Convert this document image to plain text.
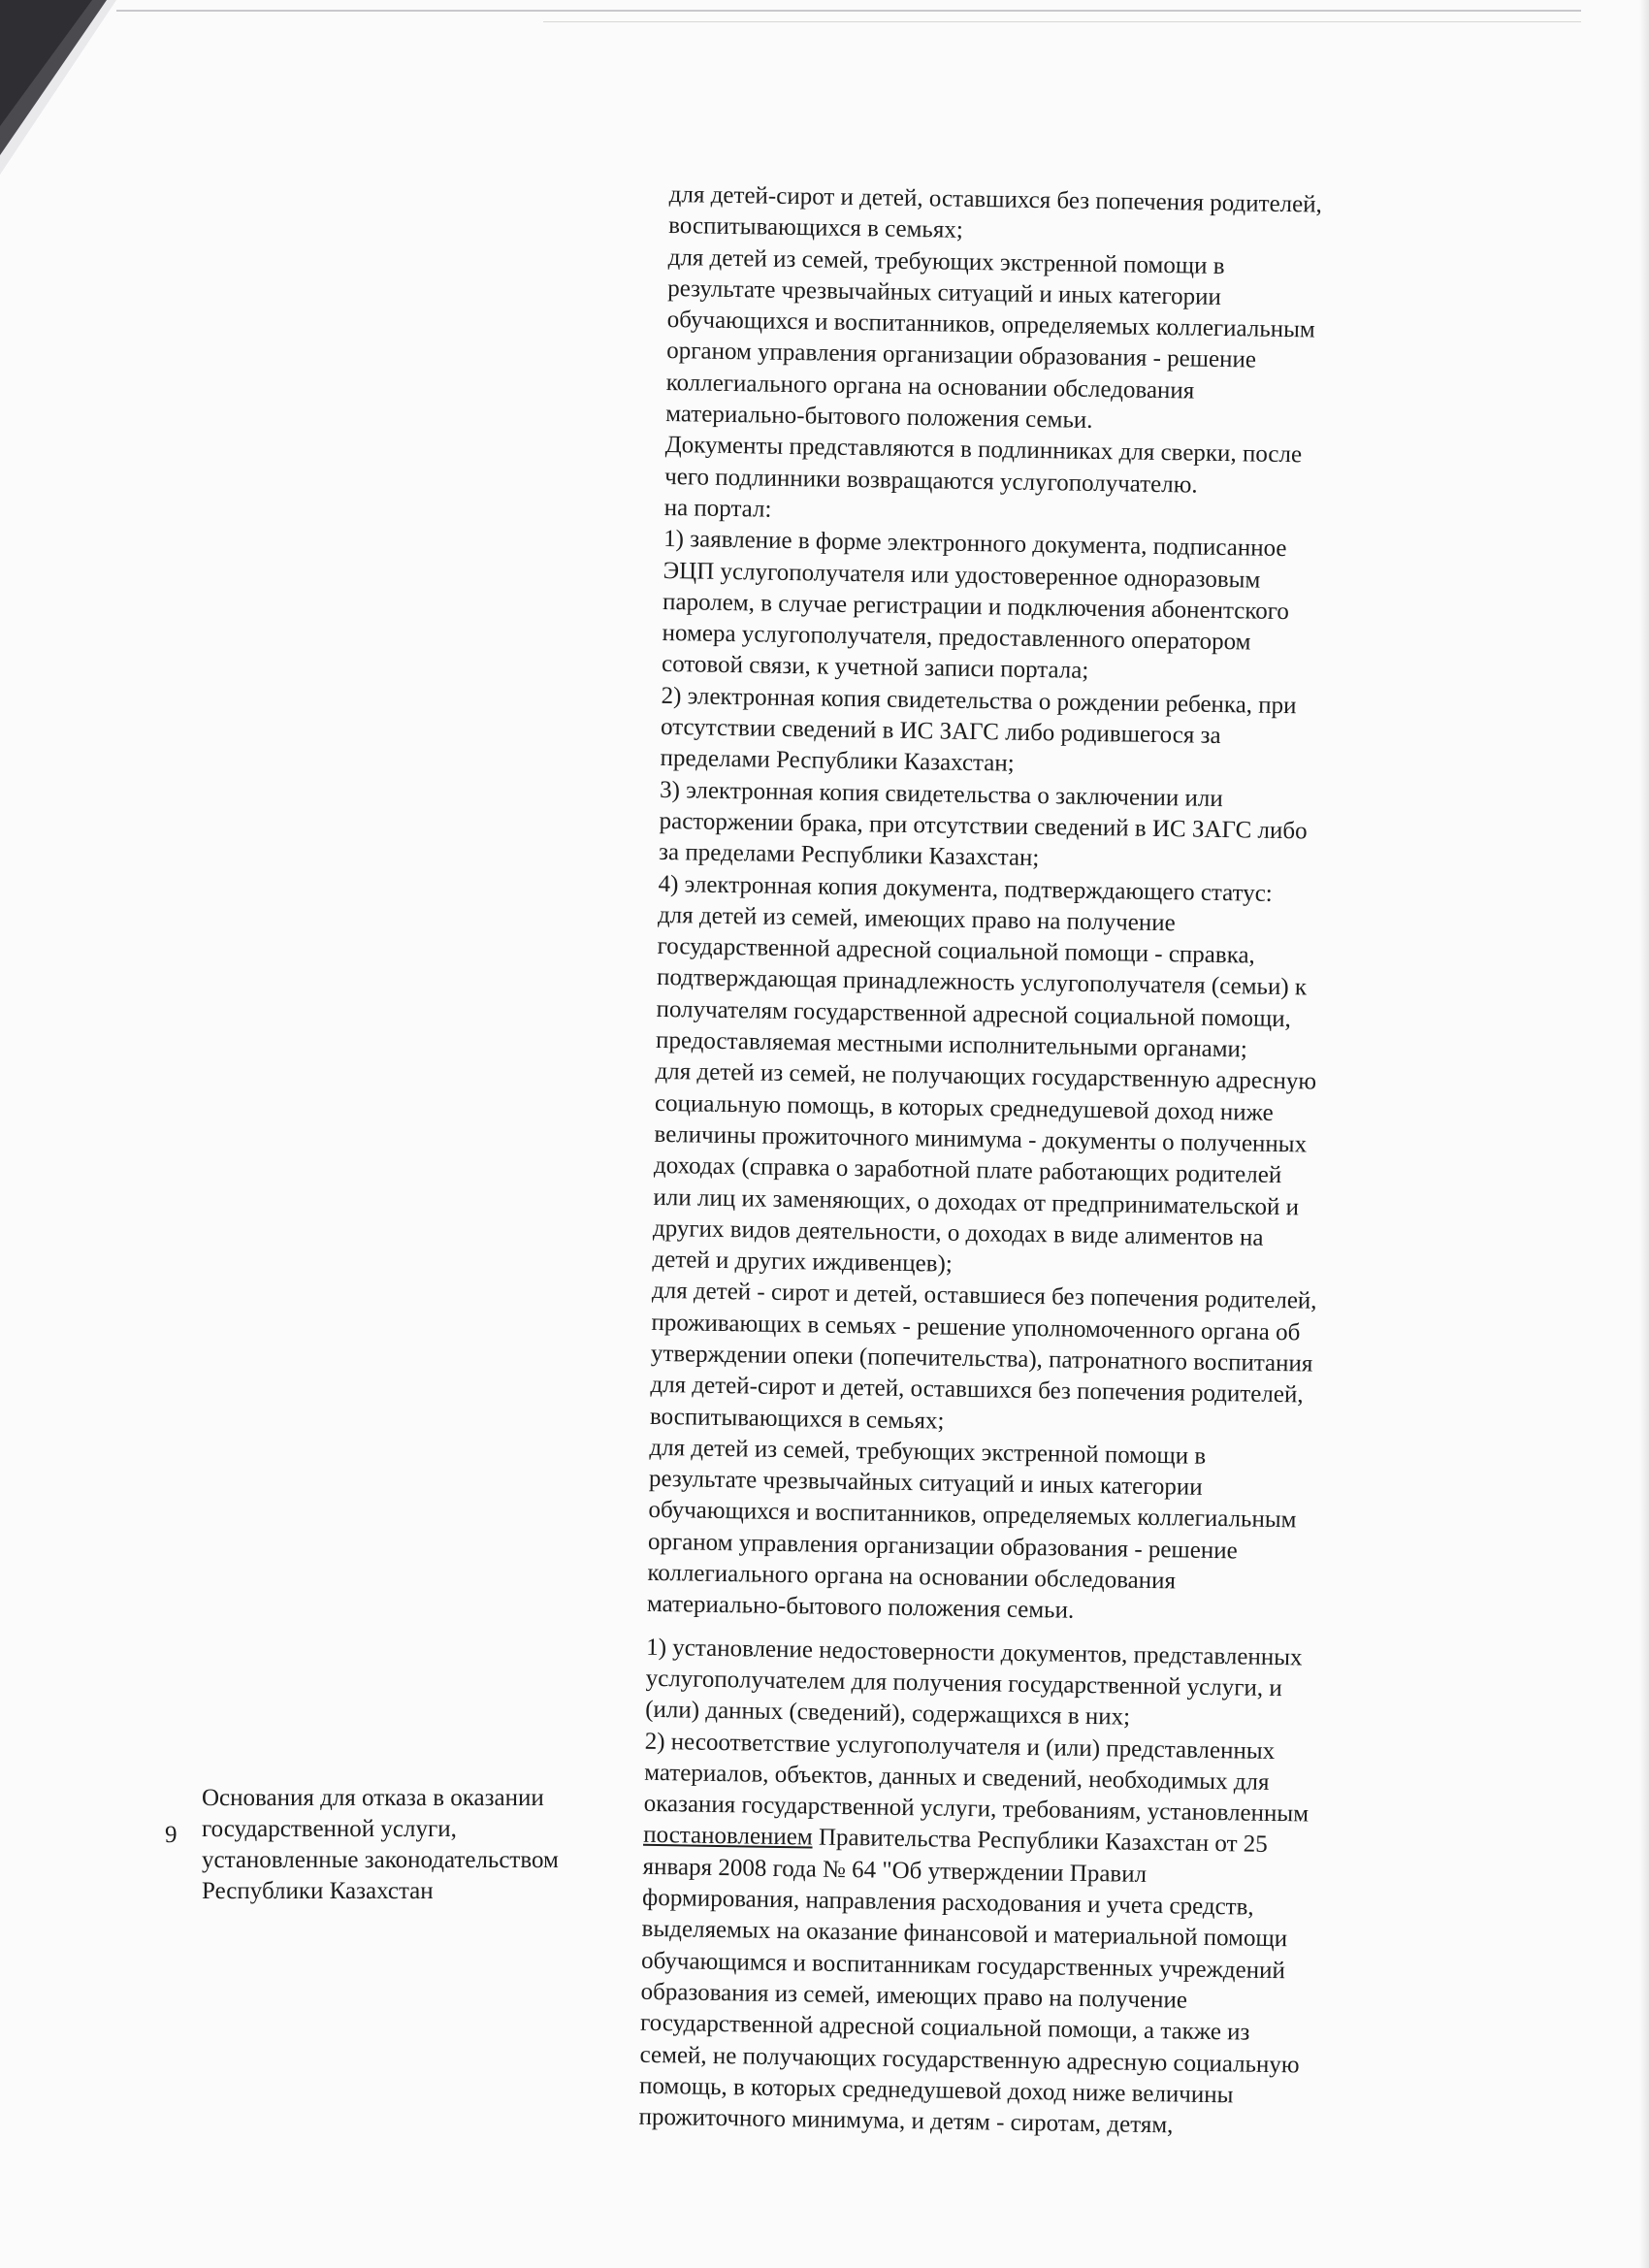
9
Основания для отказа в оказании
государственной услуги,
установленные законодательством
Республики Казахстан
для детей-сирот и детей, оставшихся без попечения родителей,
воспитывающихся в семьях;
для детей из семей, требующих экстренной помощи в
результате чрезвычайных ситуаций и иных категории
обучающихся и воспитанников, определяемых коллегиальным
органом управления организации образования - решение
коллегиального органа на основании обследования
материально-бытового положения семьи.
Документы представляются в подлинниках для сверки, после
чего подлинники возвращаются услугополучателю.
на портал:
1) заявление в форме электронного документа, подписанное
ЭЦП услугополучателя или удостоверенное одноразовым
паролем, в случае регистрации и подключения абонентского
номера услугополучателя, предоставленного оператором
сотовой связи, к учетной записи портала;
2) электронная копия свидетельства о рождении ребенка, при
отсутствии сведений в ИС ЗАГС либо родившегося за
пределами Республики Казахстан;
3) электронная копия свидетельства о заключении или
расторжении брака, при отсутствии сведений в ИС ЗАГС либо
за пределами Республики Казахстан;
4) электронная копия документа, подтверждающего статус:
для детей из семей, имеющих право на получение
государственной адресной социальной помощи - справка,
подтверждающая принадлежность услугополучателя (семьи) к
получателям государственной адресной социальной помощи,
предоставляемая местными исполнительными органами;
для детей из семей, не получающих государственную адресную
социальную помощь, в которых среднедушевой доход ниже
величины прожиточного минимума - документы о полученных
доходах (справка о заработной плате работающих родителей
или лиц их заменяющих, о доходах от предпринимательской и
других видов деятельности, о доходах в виде алиментов на
детей и других иждивенцев);
для детей - сирот и детей, оставшиеся без попечения родителей,
проживающих в семьях - решение уполномоченного органа об
утверждении опеки (попечительства), патронатного воспитания
для детей-сирот и детей, оставшихся без попечения родителей,
воспитывающихся в семьях;
для детей из семей, требующих экстренной помощи в
результате чрезвычайных ситуаций и иных категории
обучающихся и воспитанников, определяемых коллегиальным
органом управления организации образования - решение
коллегиального органа на основании обследования
материально-бытового положения семьи.
1) установление недостоверности документов, представленных
услугополучателем для получения государственной услуги, и
(или) данных (сведений), содержащихся в них;
2) несоответствие услугополучателя и (или) представленных
материалов, объектов, данных и сведений, необходимых для
оказания государственной услуги, требованиям, установленным
постановлением Правительства Республики Казахстан от 25
января 2008 года № 64 "Об утверждении Правил
формирования, направления расходования и учета средств,
выделяемых на оказание финансовой и материальной помощи
обучающимся и воспитанникам государственных учреждений
образования из семей, имеющих право на получение
государственной адресной социальной помощи, а также из
семей, не получающих государственную адресную социальную
помощь, в которых среднедушевой доход ниже величины
прожиточного минимума, и детям - сиротам, детям,
